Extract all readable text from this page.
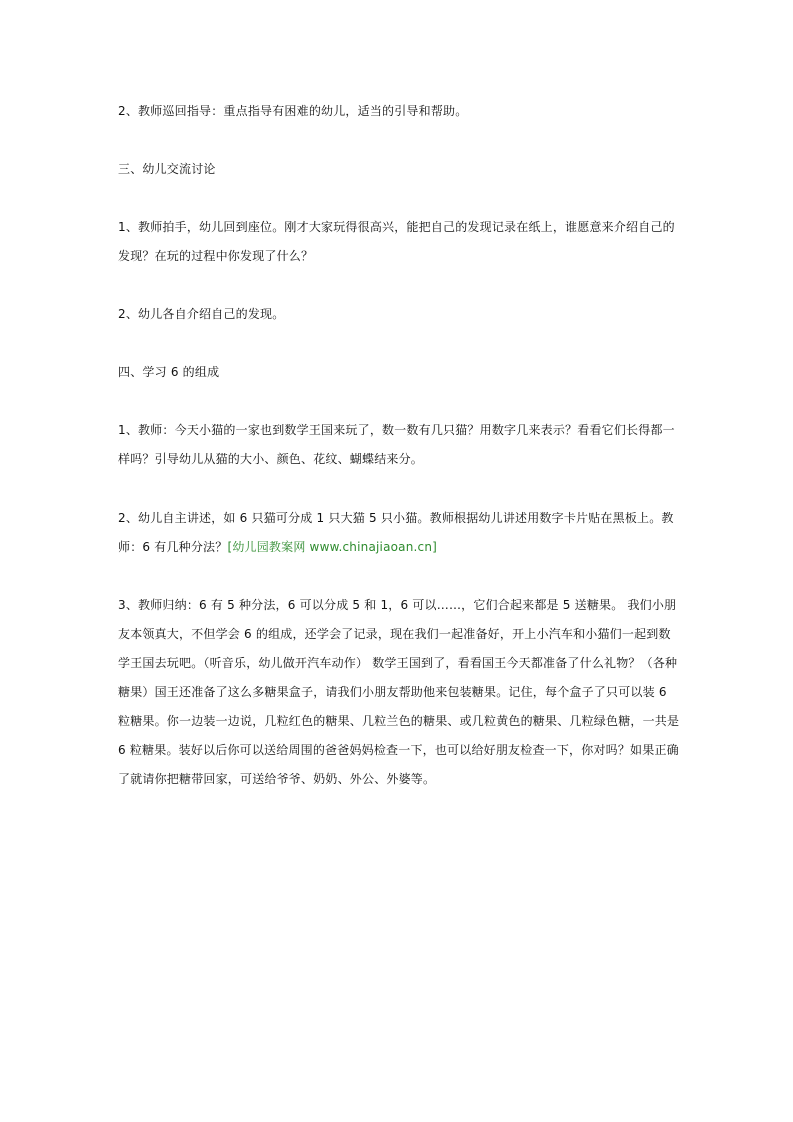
2、教师巡回指导：重点指导有困难的幼儿，适当的引导和帮助。

三、幼儿交流讨论

1、教师拍手，幼儿回到座位。刚才大家玩得很高兴，能把自己的发现记录在纸上，谁愿意来介绍自己的发现？在玩的过程中你发现了什么？

2、幼儿各自介绍自己的发现。

四、学习 6 的组成

1、教师：今天小猫的一家也到数学王国来玩了，数一数有几只猫？用数字几来表示？看看它们长得都一样吗？引导幼儿从猫的大小、颜色、花纹、蝴蝶结来分。

2、幼儿自主讲述，如 6 只猫可分成 1 只大猫 5 只小猫。教师根据幼儿讲述用数字卡片贴在黑板上。教师：6 有几种分法？[幼儿园教案网 www.chinajiaoan.cn]

3、教师归纳：6 有 5 种分法，6 可以分成 5 和 1，6 可以……，它们合起来都是 5 送糖果。 我们小朋友本领真大，不但学会 6 的组成，还学会了记录，现在我们一起准备好，开上小汽车和小猫们一起到数学王国去玩吧。（听音乐，幼儿做开汽车动作） 数学王国到了，看看国王今天都准备了什么礼物？（各种糖果）国王还准备了这么多糖果盒子，请我们小朋友帮助他来包装糖果。记住，每个盒子了只可以装 6 粒糖果。你一边装一边说，几粒红色的糖果、几粒兰色的糖果、或几粒黄色的糖果、几粒绿色糖，一共是 6 粒糖果。装好以后你可以送给周围的爸爸妈妈检查一下，也可以给好朋友检查一下，你对吗？如果正确了就请你把糖带回家，可送给爷爷、奶奶、外公、外婆等。
